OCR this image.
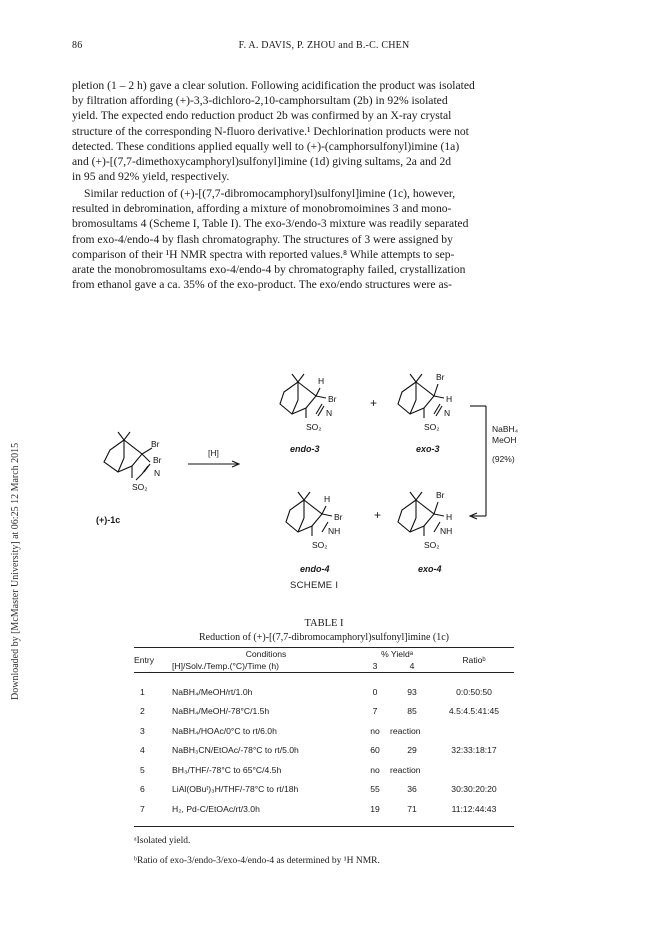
86	F. A. DAVIS, P. ZHOU and B.-C. CHEN
Downloaded by [McMaster University] at 06:25 12 March 2015
pletion (1 – 2 h) gave a clear solution. Following acidification the product was isolated
by filtration affording (+)-3,3-dichloro-2,10-camphorsultam (2b) in 92% isolated
yield. The expected endo reduction product 2b was confirmed by an X-ray crystal
structure of the corresponding N-fluoro derivative.¹ Dechlorination products were not
detected. These conditions applied equally well to (+)-(camphorsulfonyl)imine (1a)
and (+)-[(7,7-dimethoxycamphoryl)sulfonyl]imine (1d) giving sultams, 2a and 2d
in 95 and 92% yield, respectively.
Similar reduction of (+)-[(7,7-dibromocamphoryl)sulfonyl]imine (1c), however,
resulted in debromination, affording a mixture of monobromoimines 3 and mono-
bromosultams 4 (Scheme I, Table I). The exo-3/endo-3 mixture was readily separated
from exo-4/endo-4 by flash chromatography. The structures of 3 were assigned by
comparison of their ¹H NMR spectra with reported values.⁸ While attempts to sep-
arate the monobromosultams exo-4/endo-4 by chromatography failed, crystallization
from ethanol gave a ca. 35% of the exo-product. The exo/endo structures were as-
Br
Br
N
SO₂
(+)-1c
[H]
H
Br
N
SO₂
endo-3
+
Br
H
N
SO₂
exo-3
NaBH₄
MeOH
(92%)
H
Br
NH
SO₂
endo-4
+
Br
H
NH
SO₂
exo-4
SCHEME I
TABLE I
Reduction of (+)-[(7,7-dibromocamphoryl)sulfonyl]imine (1c)
Entry	Conditions	% Yieldᵃ		Ratioᵇ
	[H]/Solv./Temp.(°C)/Time (h)	3	4	

1	NaBH₄/MeOH/rt/1.0h	0	93	0:0:50:50
2	NaBH₄/MeOH/-78°C/1.5h	7	85	4.5:4.5:41:45
3	NaBH₄/HOAc/0°C to rt/6.0h	no	reaction	
4	NaBH₃CN/EtOAc/-78°C to rt/5.0h	60	29	32:33:18:17
5	BH₃/THF/-78°C to 65°C/4.5h	no	reaction	
6	LiAl(OBuᵗ)₃H/THF/-78°C to rt/18h	55	36	30:30:20:20
7	H₂, Pd-C/EtOAc/rt/3.0h	19	71	11:12:44:43
ᵃIsolated yield.
ᵇRatio of exo-3/endo-3/exo-4/endo-4 as determined by ¹H NMR.
